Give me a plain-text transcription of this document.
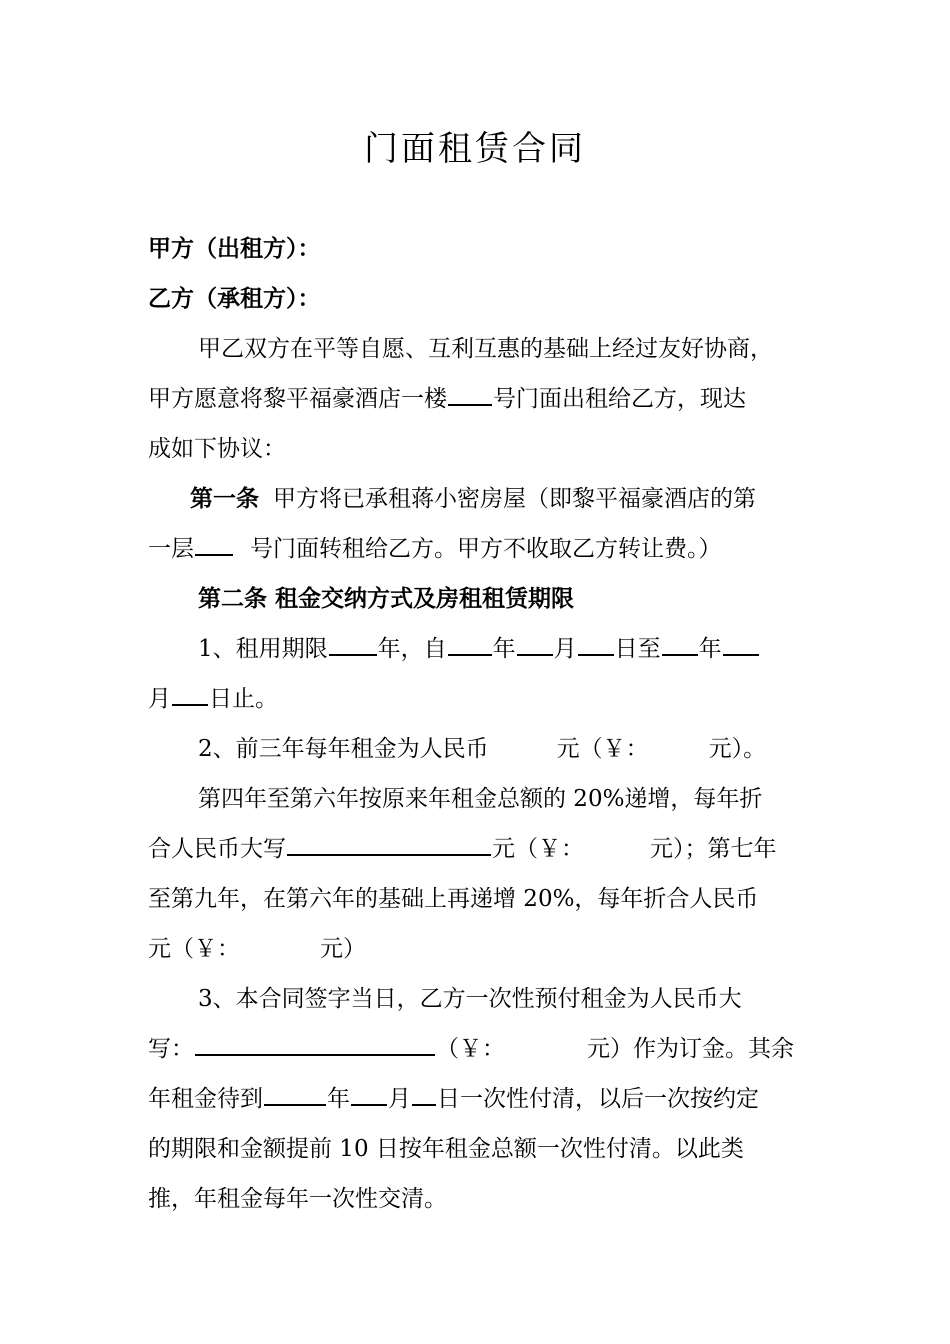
门面租赁合同
甲方（出租方）：
乙方（承租方）：
甲乙双方在平等自愿、互利互惠的基础上经过友好协商，
甲方愿意将黎平福豪酒店一楼 号门面出租给乙方，现达
成如下协议：
第一条 甲方将已承租蒋小密房屋（即黎平福豪酒店的第
一层 号门面转租给乙方。甲方不收取乙方转让费。）
第二条 租金交纳方式及房租租赁期限
1、租用期限 年，自 年 月 日至 年
月 日止。
2、前三年每年租金为人民币	元（￥：	元）。
第四年至第六年按原来年租金总额的 20%递增，每年折
合人民币大写	元（￥：	元）；第七年
至第九年，在第六年的基础上再递增 20%，每年折合人民币
元（￥：	元）
3、本合同签字当日，乙方一次性预付租金为人民币大
写：	（￥：	元）作为订金。其余
年租金待到	年 月 日一次性付清，以后一次按约定
的期限和金额提前 10 日按年租金总额一次性付清。以此类
推，年租金每年一次性交清。
